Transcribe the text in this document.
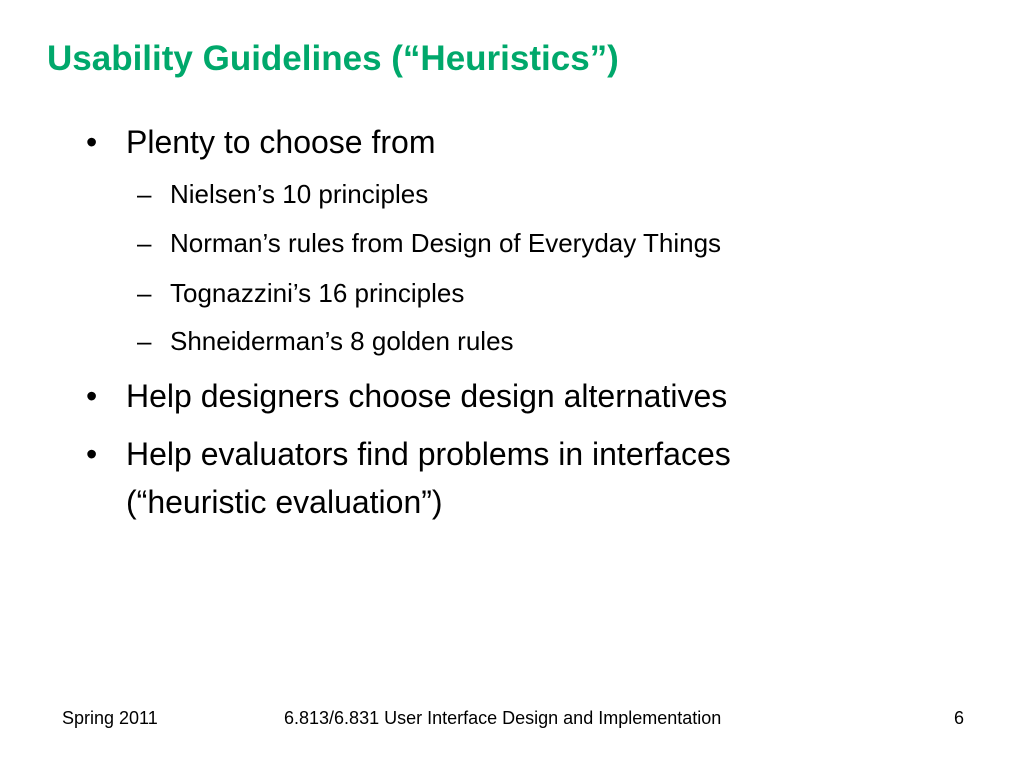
Usability Guidelines (“Heuristics”)
• Plenty to choose from
– Nielsen’s 10 principles
– Norman’s rules from Design of Everyday Things
– Tognazzini’s 16 principles
– Shneiderman’s 8 golden rules
• Help designers choose design alternatives
• Help evaluators find problems in interfaces
(“heuristic evaluation”)
Spring 2011	6.813/6.831 User Interface Design and Implementation	6
